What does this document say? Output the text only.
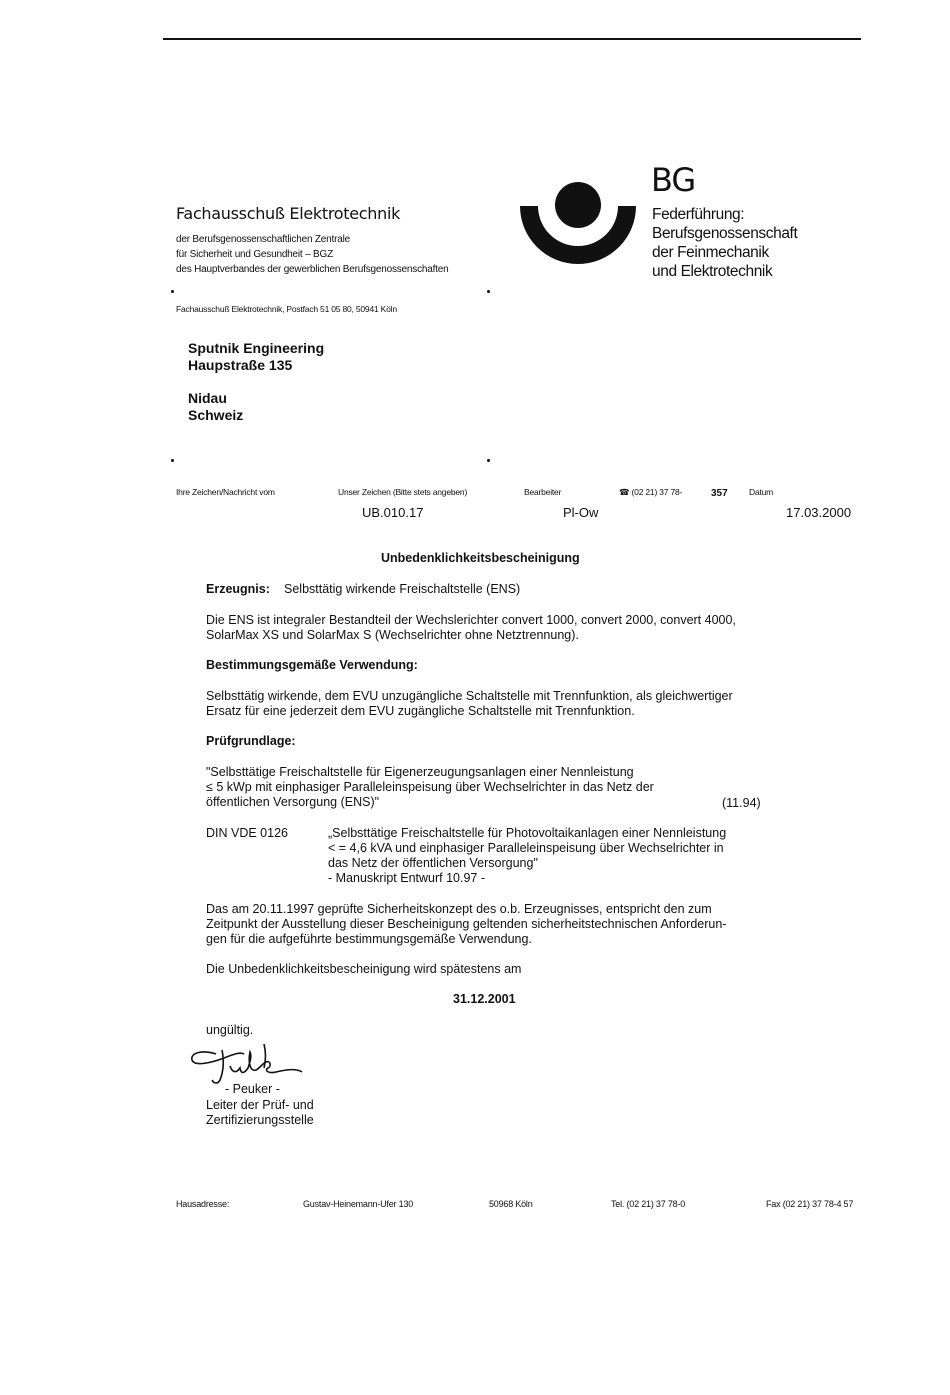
Fachausschuß Elektrotechnik
der Berufsgenossenschaftlichen Zentrale
für Sicherheit und Gesundheit – BGZ
des Hauptverbandes der gewerblichen Berufsgenossenschaften
BG
Federführung:
Berufsgenossenschaft
der Feinmechanik
und Elektrotechnik
Fachausschuß Elektrotechnik, Postfach 51 05 80, 50941 Köln
Sputnik Engineering
Haupstraße 135
Nidau
Schweiz
Ihre Zeichen/Nachricht vom	Unser Zeichen (Bitte stets angeben)	Bearbeiter	☎ (02 21) 37 78-	357	Datum
UB.010.17	Pl-Ow	17.03.2000
Unbedenklichkeitsbescheinigung
Erzeugnis: Selbsttätig wirkende Freischaltstelle (ENS)
Die ENS ist integraler Bestandteil der Wechslerichter convert 1000, convert 2000, convert 4000,
SolarMax XS und SolarMax S (Wechselrichter ohne Netztrennung).
Bestimmungsgemäße Verwendung:
Selbsttätig wirkende, dem EVU unzugängliche Schaltstelle mit Trennfunktion, als gleichwertiger
Ersatz für eine jederzeit dem EVU zugängliche Schaltstelle mit Trennfunktion.
Prüfgrundlage:
"Selbsttätige Freischaltstelle für Eigenerzeugungsanlagen einer Nennleistung
≤ 5 kWp mit einphasiger Parallelеinspeisung über Wechselrichter in das Netz der
öffentlichen Versorgung (ENS)"	(11.94)
DIN VDE 0126	„Selbsttätige Freischaltstelle für Photovoltaikanlagen einer Nennleistung
< = 4,6 kVA und einphasiger Paralleleinspeisung über Wechselrichter in
das Netz der öffentlichen Versorgung"
- Manuskript Entwurf 10.97 -
Das am 20.11.1997 geprüfte Sicherheitskonzept des o.b. Erzeugnisses, entspricht den zum
Zeitpunkt der Ausstellung dieser Bescheinigung geltenden sicherheitstechnischen Anforderun-
gen für die aufgeführte bestimmungsgemäße Verwendung.
Die Unbedenklichkeitsbescheinigung wird spätestens am
31.12.2001
ungültig.
- Peuker -
Leiter der Prüf- und
Zertifizierungsstelle
Hausadresse:	Gustav-Heinemann-Ufer 130	50968 Köln	Tel. (02 21) 37 78-0	Fax (02 21) 37 78-4 57
